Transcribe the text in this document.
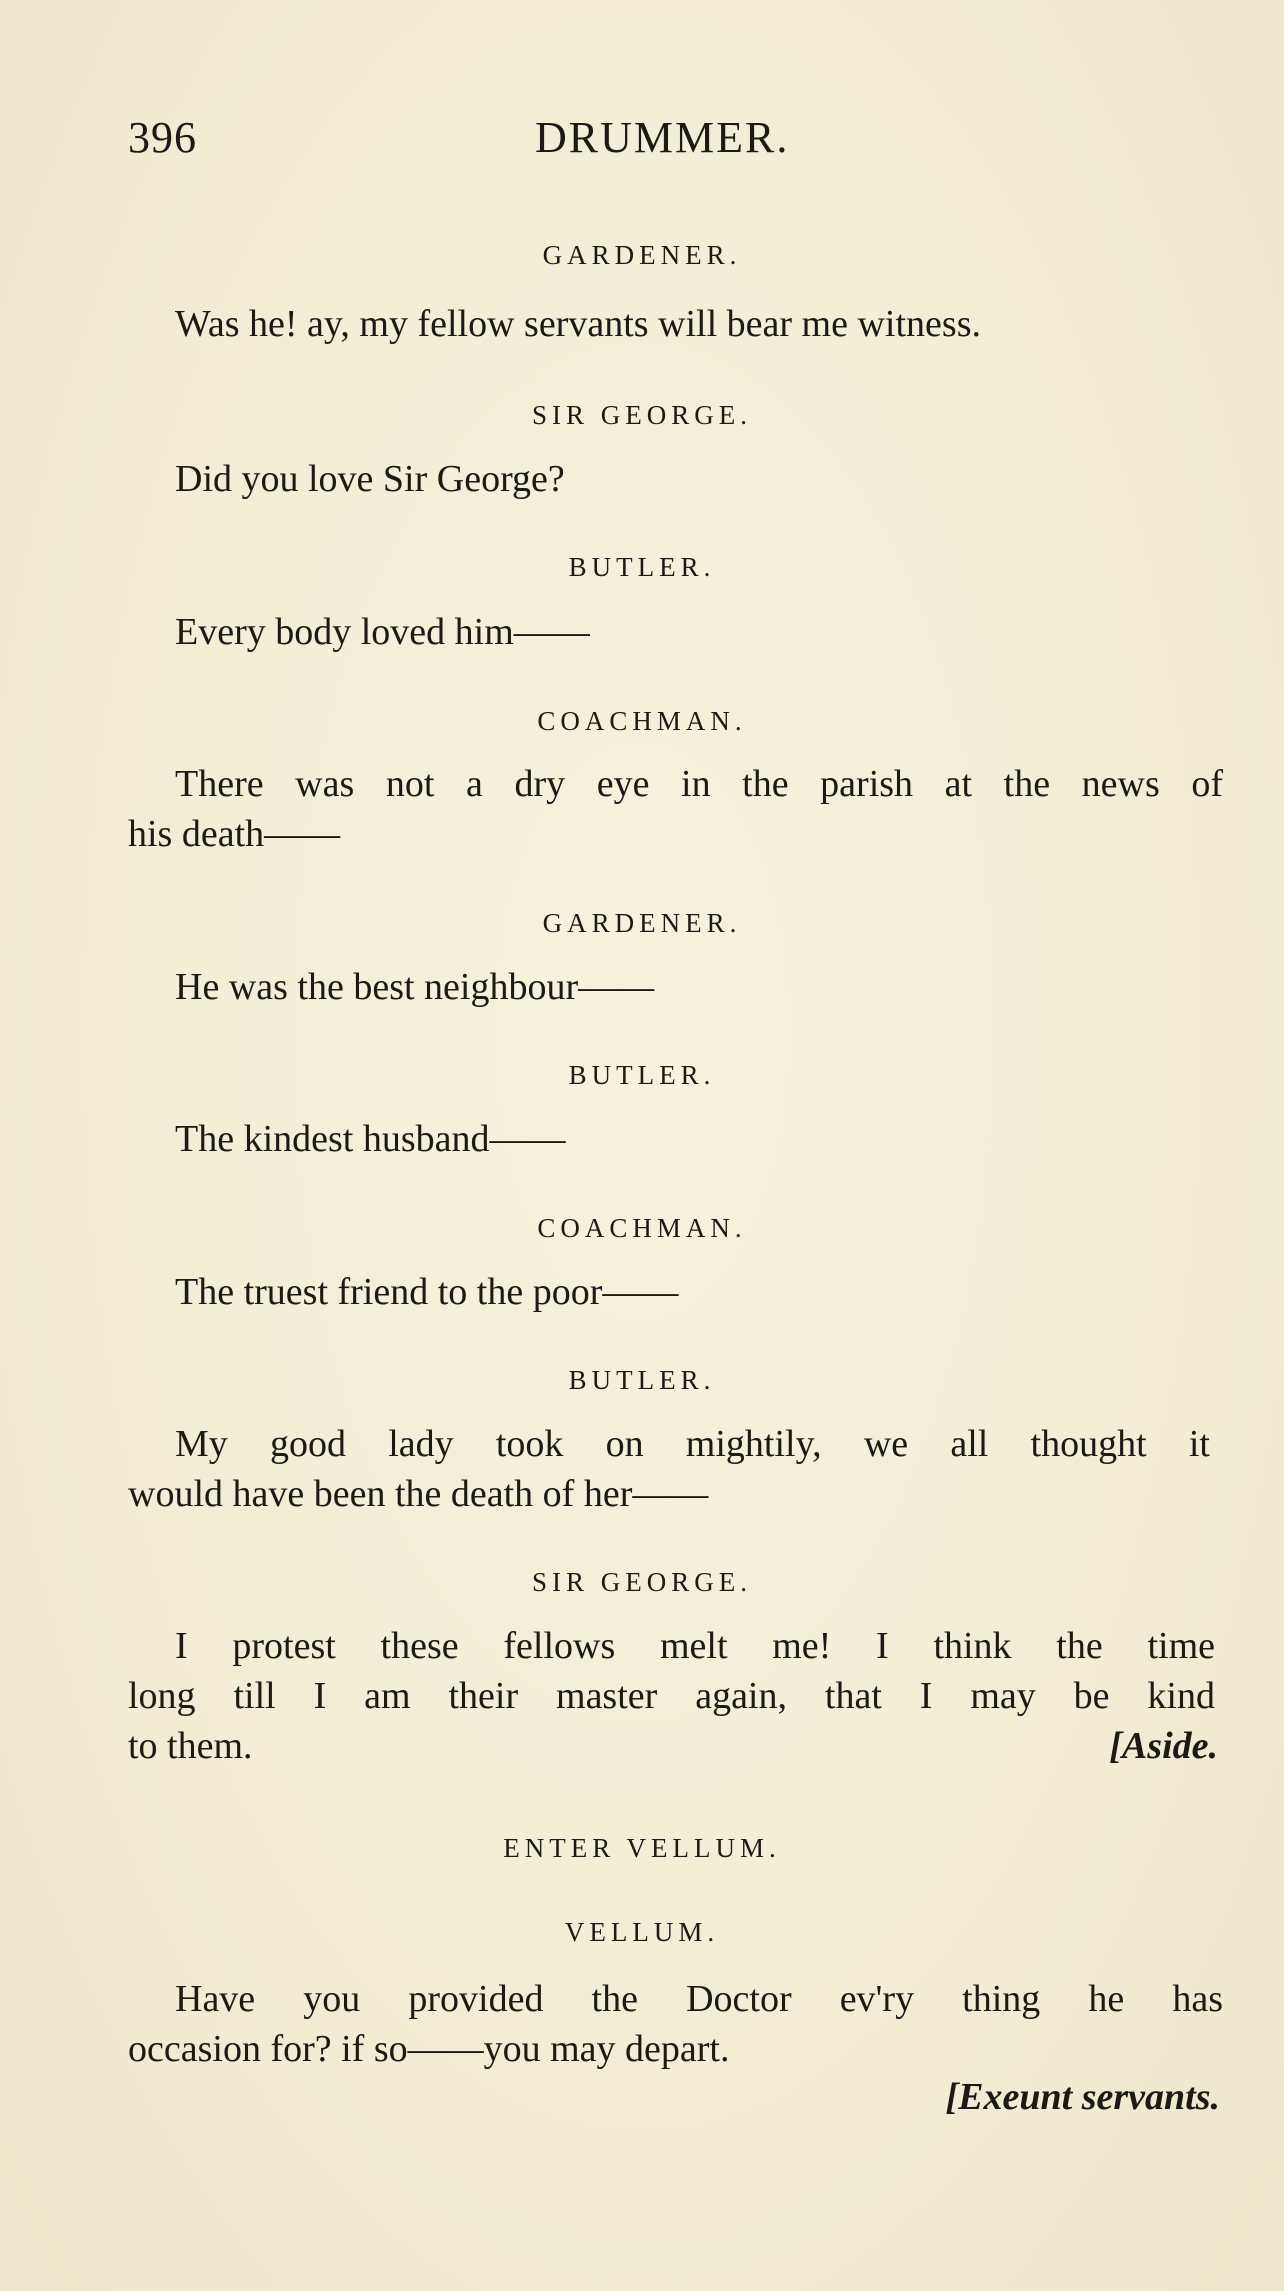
396	DRUMMER.
GARDENER.

Was he! ay, my fellow servants will bear me witness.

SIR GEORGE.

Did you love Sir George?

BUTLER.

Every body loved him——

COACHMAN.

There was not a dry eye in the parish at the news of

his death——

GARDENER.

He was the best neighbour——

BUTLER.

The kindest husband——

COACHMAN.

The truest friend to the poor——

BUTLER.

My good lady took on mightily, we all thought it

would have been the death of her——

SIR GEORGE.

I protest these fellows melt me! I think the time

long till I am their master again, that I may be kind

to them.	[Aside.
ENTER VELLUM.
VELLUM.

Have you provided the Doctor ev'ry thing he has

occasion for? if so——you may depart.

[Exeunt servants.
